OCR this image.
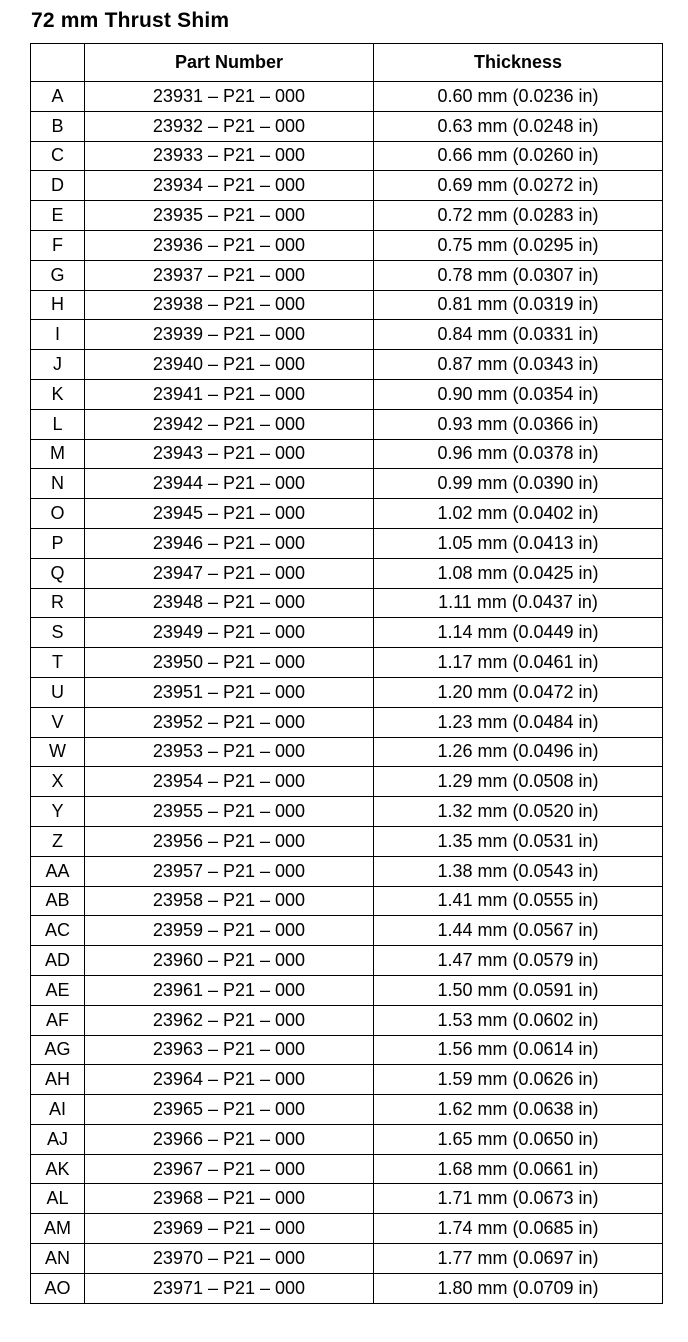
72 mm Thrust Shim
	Part Number	Thickness
A	23931 – P21 – 000	0.60 mm (0.0236 in)
B	23932 – P21 – 000	0.63 mm (0.0248 in)
C	23933 – P21 – 000	0.66 mm (0.0260 in)
D	23934 – P21 – 000	0.69 mm (0.0272 in)
E	23935 – P21 – 000	0.72 mm (0.0283 in)
F	23936 – P21 – 000	0.75 mm (0.0295 in)
G	23937 – P21 – 000	0.78 mm (0.0307 in)
H	23938 – P21 – 000	0.81 mm (0.0319 in)
I	23939 – P21 – 000	0.84 mm (0.0331 in)
J	23940 – P21 – 000	0.87 mm (0.0343 in)
K	23941 – P21 – 000	0.90 mm (0.0354 in)
L	23942 – P21 – 000	0.93 mm (0.0366 in)
M	23943 – P21 – 000	0.96 mm (0.0378 in)
N	23944 – P21 – 000	0.99 mm (0.0390 in)
O	23945 – P21 – 000	1.02 mm (0.0402 in)
P	23946 – P21 – 000	1.05 mm (0.0413 in)
Q	23947 – P21 – 000	1.08 mm (0.0425 in)
R	23948 – P21 – 000	1.11 mm (0.0437 in)
S	23949 – P21 – 000	1.14 mm (0.0449 in)
T	23950 – P21 – 000	1.17 mm (0.0461 in)
U	23951 – P21 – 000	1.20 mm (0.0472 in)
V	23952 – P21 – 000	1.23 mm (0.0484 in)
W	23953 – P21 – 000	1.26 mm (0.0496 in)
X	23954 – P21 – 000	1.29 mm (0.0508 in)
Y	23955 – P21 – 000	1.32 mm (0.0520 in)
Z	23956 – P21 – 000	1.35 mm (0.0531 in)
AA	23957 – P21 – 000	1.38 mm (0.0543 in)
AB	23958 – P21 – 000	1.41 mm (0.0555 in)
AC	23959 – P21 – 000	1.44 mm (0.0567 in)
AD	23960 – P21 – 000	1.47 mm (0.0579 in)
AE	23961 – P21 – 000	1.50 mm (0.0591 in)
AF	23962 – P21 – 000	1.53 mm (0.0602 in)
AG	23963 – P21 – 000	1.56 mm (0.0614 in)
AH	23964 – P21 – 000	1.59 mm (0.0626 in)
AI	23965 – P21 – 000	1.62 mm (0.0638 in)
AJ	23966 – P21 – 000	1.65 mm (0.0650 in)
AK	23967 – P21 – 000	1.68 mm (0.0661 in)
AL	23968 – P21 – 000	1.71 mm (0.0673 in)
AM	23969 – P21 – 000	1.74 mm (0.0685 in)
AN	23970 – P21 – 000	1.77 mm (0.0697 in)
AO	23971 – P21 – 000	1.80 mm (0.0709 in)
